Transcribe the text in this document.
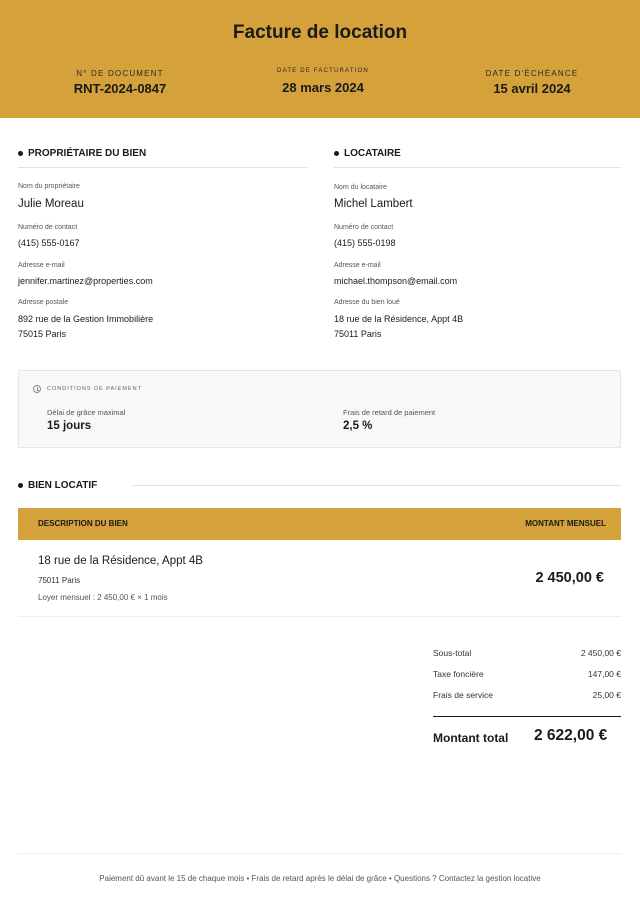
Facture de location
N° DE DOCUMENT
RNT-2024-0847
DATE DE FACTURATION
28 mars 2024
DATE D'ÉCHÉANCE
15 avril 2024
PROPRIÉTAIRE DU BIEN
Nom du propriétaire
Julie Moreau
Numéro de contact
(415) 555-0167
Adresse e-mail
jennifer.martinez@properties.com
Adresse postale
892 rue de la Gestion Immobilière
75015 Paris
LOCATAIRE
Nom du locataire
Michel Lambert
Numéro de contact
(415) 555-0198
Adresse e-mail
michael.thompson@email.com
Adresse du bien loué
18 rue de la Résidence, Appt 4B
75011 Paris
CONDITIONS DE PAIEMENT
Délai de grâce maximal
15 jours
Frais de retard de paiement
2,5 %
BIEN LOCATIF
DESCRIPTION DU BIEN	MONTANT MENSUEL
18 rue de la Résidence, Appt 4B
75011 Paris
Loyer mensuel : 2 450,00 € × 1 mois
2 450,00 €
Sous-total	2 450,00 €
Taxe foncière	147,00 €
Frais de service	25,00 €
Montant total 2 622,00 €
Paiement dû avant le 15 de chaque mois • Frais de retard après le délai de grâce • Questions ? Contactez la gestion locative
